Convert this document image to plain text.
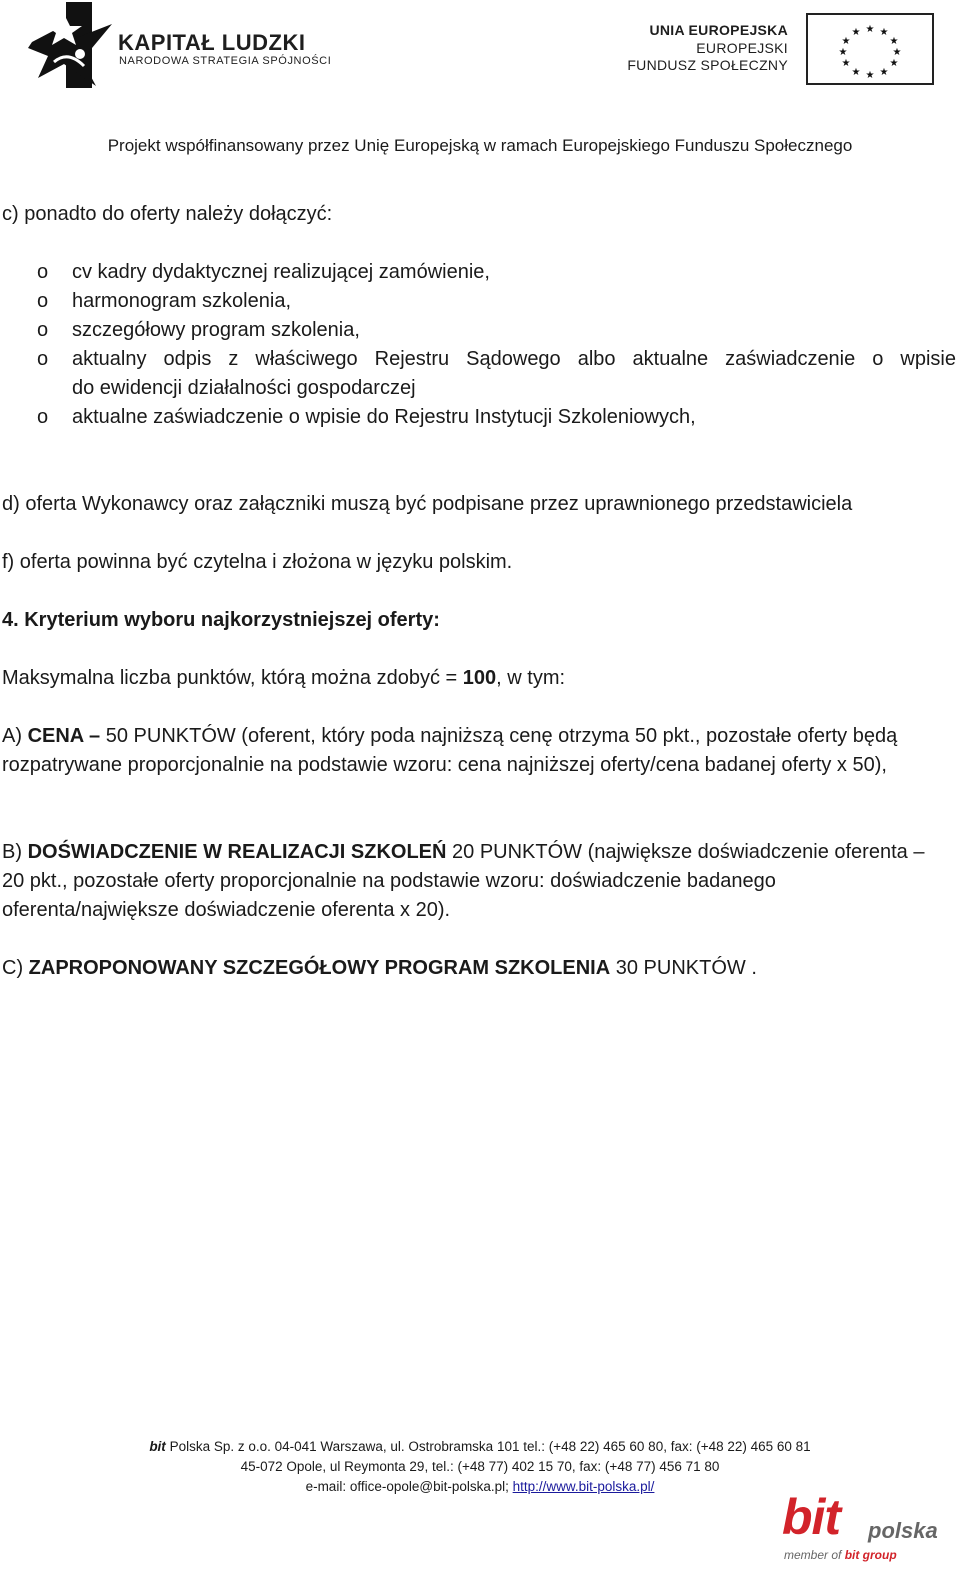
KAPITAŁ LUDZKI
NARODOWA STRATEGIA SPÓJNOŚCI
UNIA EUROPEJSKA
EUROPEJSKI
FUNDUSZ SPOŁECZNY
★ ★
★
★
★
★
★
★
★
★
★
★
Projekt współfinansowany przez Unię Europejską w ramach Europejskiego Funduszu Społecznego
c) ponadto do oferty należy dołączyć:
o cv kadry dydaktycznej realizującej zamówienie,
o harmonogram szkolenia,
o szczegółowy program szkolenia,
o aktualny odpis z właściwego Rejestru Sądowego albo aktualne zaświadczenie o wpisie
do ewidencji działalności gospodarczej
o aktualne zaświadczenie o wpisie do Rejestru Instytucji Szkoleniowych,
d) oferta Wykonawcy oraz załączniki muszą być podpisane przez uprawnionego przedstawiciela
f) oferta powinna być czytelna i złożona w języku polskim.
4. Kryterium wyboru najkorzystniejszej oferty:
Maksymalna liczba punktów, którą można zdobyć = 100, w tym:
A) CENA – 50 PUNKTÓW (oferent, który poda najniższą cenę otrzyma 50 pkt., pozostałe oferty będą rozpatrywane proporcjonalnie na podstawie wzoru: cena najniższej oferty/cena badanej oferty x 50),
B) DOŚWIADCZENIE W REALIZACJI SZKOLEŃ 20 PUNKTÓW (największe doświadczenie oferenta – 20 pkt., pozostałe oferty proporcjonalnie na podstawie wzoru: doświadczenie badanego oferenta/największe doświadczenie oferenta x 20).
C) ZAPROPONOWANY SZCZEGÓŁOWY PROGRAM SZKOLENIA 30 PUNKTÓW .
bit Polska Sp. z o.o. 04-041 Warszawa, ul. Ostrobramska 101 tel.: (+48 22) 465 60 80, fax: (+48 22) 465 60 81
45-072 Opole, ul Reymonta 29, tel.: (+48 77) 402 15 70, fax: (+48 77) 456 71 80
e-mail: office-opole@bit-polska.pl; http://www.bit-polska.pl/
bit polska
member of bit group
